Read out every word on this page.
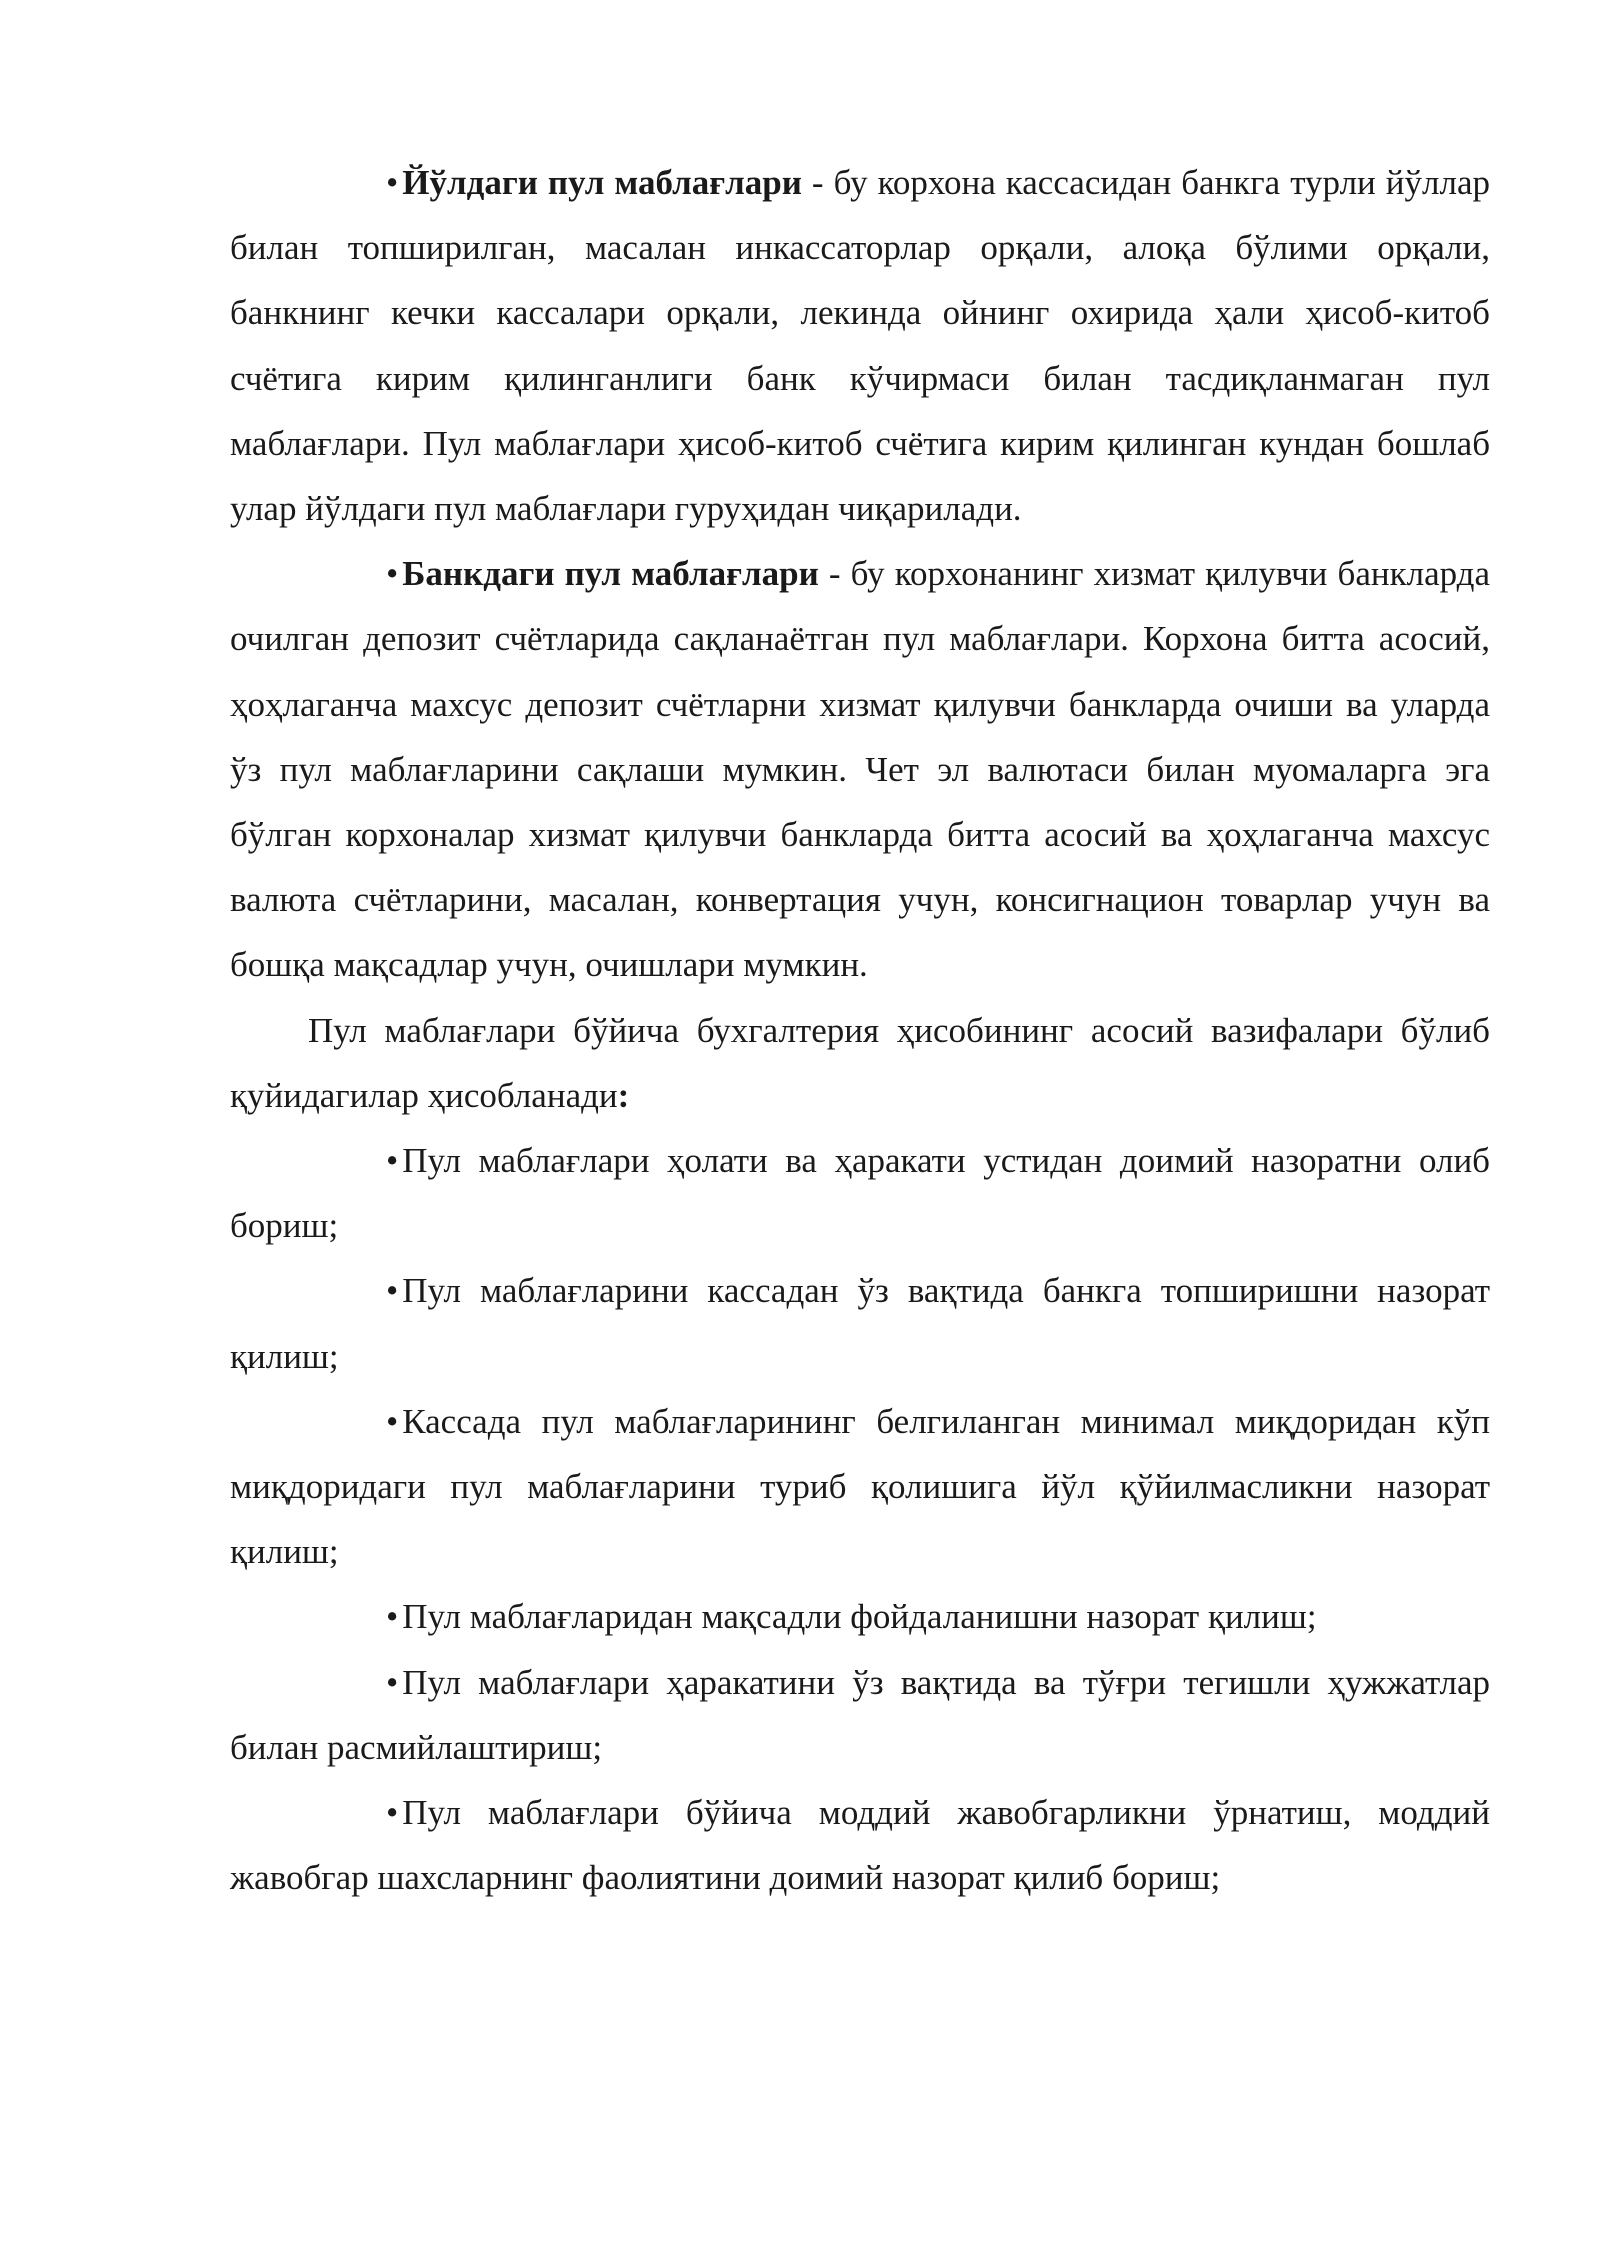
• Йўлдаги пул маблағлари - бу корхона кассасидан банкга турли йўллар билан топширилган, масалан инкассаторлар орқали, алоқа бўлими орқали, банкнинг кечки кассалари орқали, лекинда ойнинг охирида ҳали ҳисоб-китоб счётига кирим қилинганлиги банк кўчирмаси билан тасдиқланмаган пул маблағлари. Пул маблағлари ҳисоб-китоб счётига кирим қилинган кундан бошлаб улар йўлдаги пул маблағлари гуруҳидан чиқарилади.

• Банкдаги пул маблағлари - бу корхонанинг хизмат қилувчи банкларда очилган депозит счётларида сақланаётган пул маблағлари. Корхона битта асосий, ҳоҳлаганча махсус депозит счётларни хизмат қилувчи банкларда очиши ва уларда ўз пул маблағларини сақлаши мумкин. Чет эл валютаси билан муомаларга эга бўлган корхоналар хизмат қилувчи банкларда битта асосий ва ҳоҳлаганча махсус валюта счётларини, масалан, конвертация учун, консигнацион товарлар учун ва бошқа мақсадлар учун, очишлари мумкин.

Пул маблағлари бўйича бухгалтерия ҳисобининг асосий вазифалари бўлиб қуйидагилар ҳисобланади:

• Пул маблағлари ҳолати ва ҳаракати устидан доимий назоратни олиб бориш;

• Пул маблағларини кассадан ўз вақтида банкга топширишни назорат қилиш;

• Кассада пул маблағларининг белгиланган минимал миқдоридан кўп миқдоридаги пул маблағларини туриб қолишига йўл қўйилмасликни назорат қилиш;

• Пул маблағларидан мақсадли фойдаланишни назорат қилиш;

• Пул маблағлари ҳаракатини ўз вақтида ва тўғри тегишли ҳужжатлар билан расмийлаштириш;

• Пул маблағлари бўйича моддий жавобгарликни ўрнатиш, моддий жавобгар шахсларнинг фаолиятини доимий назорат қилиб бориш;
